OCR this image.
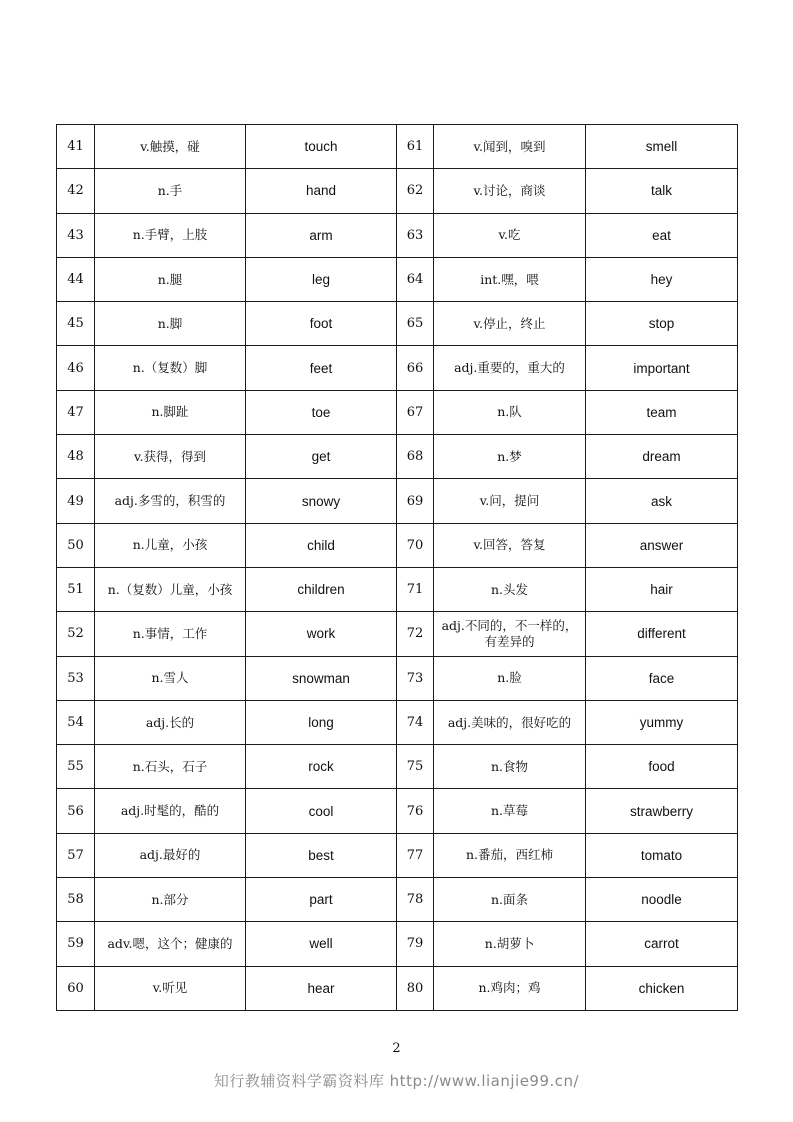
41	v.触摸，碰	touch	61	v.闻到，嗅到	smell
42	n.手	hand	62	v.讨论，商谈	talk
43	n.手臂，上肢	arm	63	v.吃	eat
44	n.腿	leg	64	int.嘿，喂	hey
45	n.脚	foot	65	v.停止，终止	stop
46	n.（复数）脚	feet	66	adj.重要的，重大的	important
47	n.脚趾	toe	67	n.队	team
48	v.获得，得到	get	68	n.梦	dream
49	adj.多雪的，积雪的	snowy	69	v.问，提问	ask
50	n.儿童，小孩	child	70	v.回答，答复	answer
51	n.（复数）儿童，小孩	children	71	n.头发	hair
52	n.事情，工作	work	72	adj.不同的，不一样的，有差异的	different
53	n.雪人	snowman	73	n.脸	face
54	adj.长的	long	74	adj.美味的，很好吃的	yummy
55	n.石头，石子	rock	75	n.食物	food
56	adj.时髦的，酷的	cool	76	n.草莓	strawberry
57	adj.最好的	best	77	n.番茄，西红柿	tomato
58	n.部分	part	78	n.面条	noodle
59	adv.嗯，这个；健康的	well	79	n.胡萝卜	carrot
60	v.听见	hear	80	n.鸡肉；鸡	chicken
2
知行教辅资料学霸资料库 http://www.lianjie99.cn/
